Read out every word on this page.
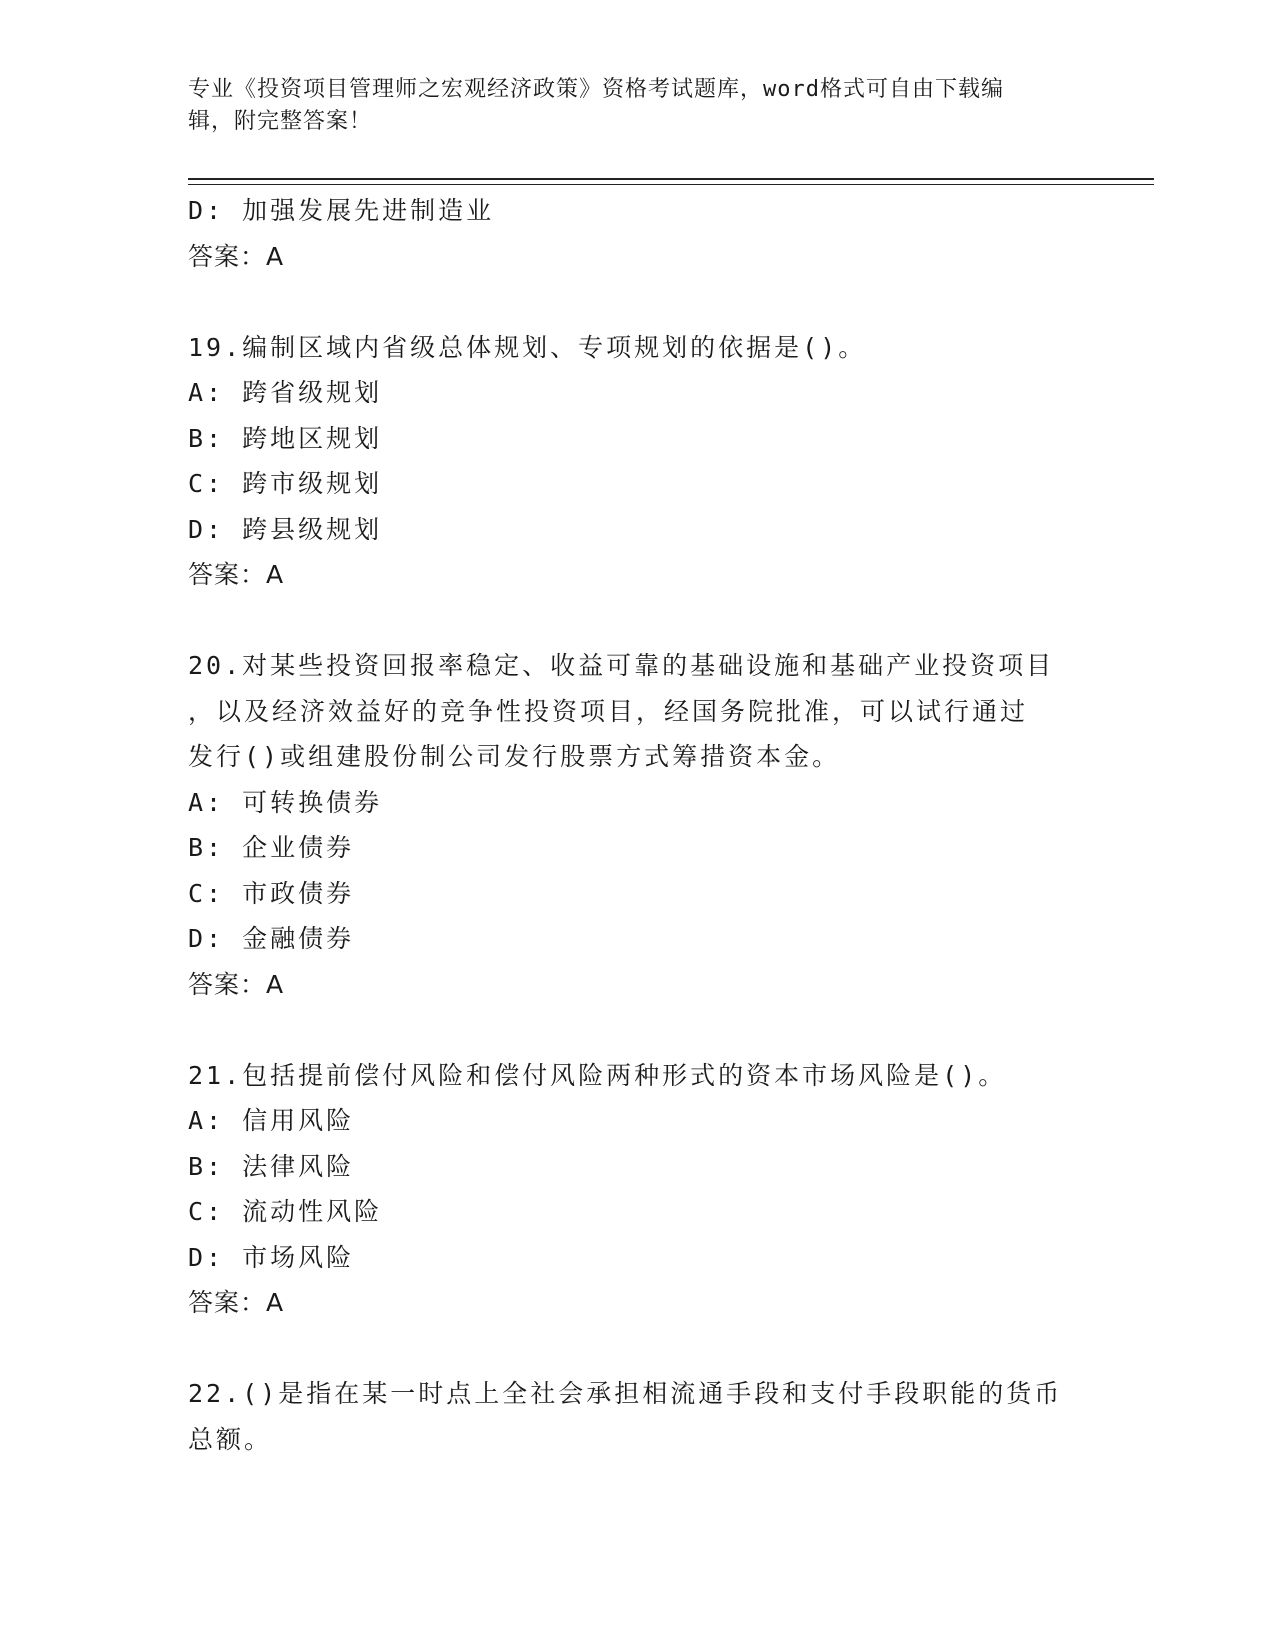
专业《投资项目管理师之宏观经济政策》资格考试题库，word格式可自由下载编
辑，附完整答案！
D: 加强发展先进制造业
答案：A
19.编制区域内省级总体规划、专项规划的依据是()。
A: 跨省级规划
B: 跨地区规划
C: 跨市级规划
D: 跨县级规划
答案：A
20.对某些投资回报率稳定、收益可靠的基础设施和基础产业投资项目
，以及经济效益好的竞争性投资项目，经国务院批准，可以试行通过
发行()或组建股份制公司发行股票方式筹措资本金。
A: 可转换债券
B: 企业债券
C: 市政债券
D: 金融债券
答案：A
21.包括提前偿付风险和偿付风险两种形式的资本市场风险是()。
A: 信用风险
B: 法律风险
C: 流动性风险
D: 市场风险
答案：A
22.()是指在某一时点上全社会承担相流通手段和支付手段职能的货币
总额。
